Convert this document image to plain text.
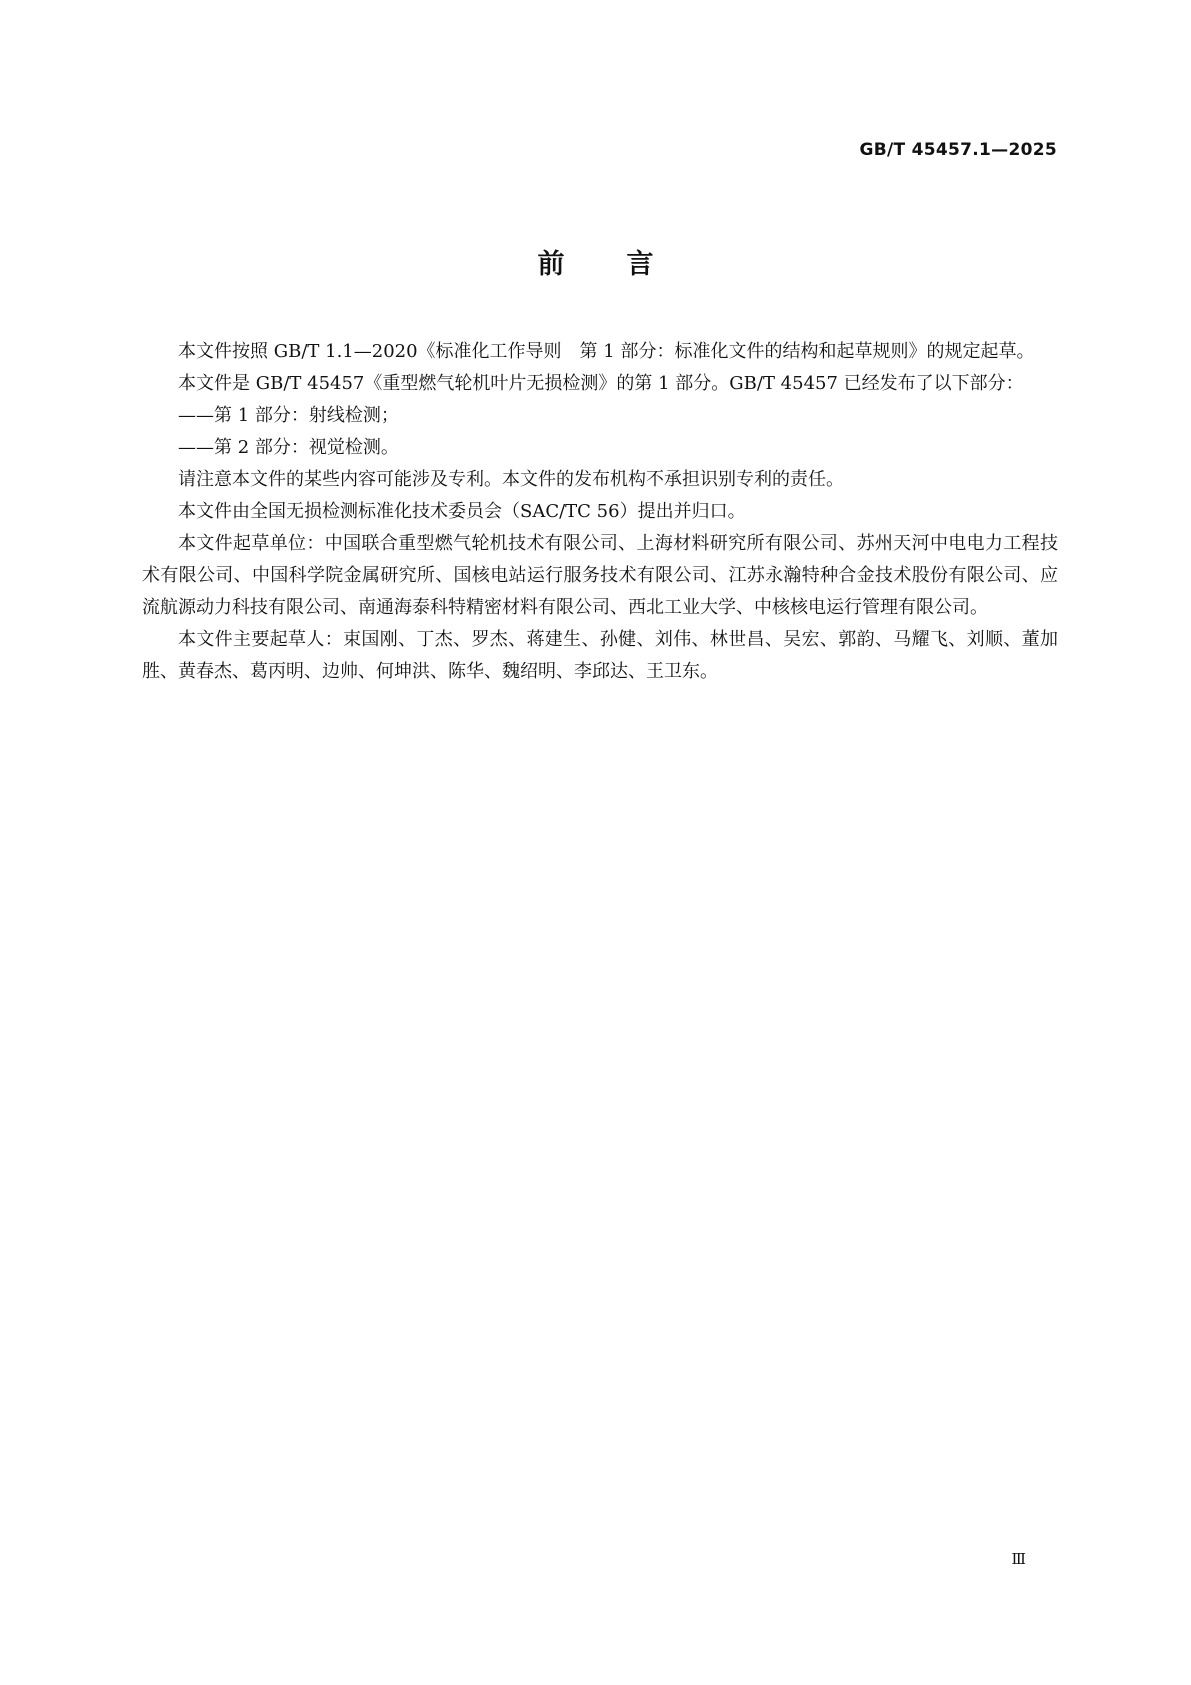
GB/T 45457.1—2025
前言

本文件按照 GB/T 1.1—2020《标准化工作导则　第 1 部分：标准化文件的结构和起草规则》的规定起草。

本文件是 GB/T 45457《重型燃气轮机叶片无损检测》的第 1 部分。GB/T 45457 已经发布了以下部分：

——第 1 部分：射线检测；

——第 2 部分：视觉检测。

请注意本文件的某些内容可能涉及专利。本文件的发布机构不承担识别专利的责任。

本文件由全国无损检测标准化技术委员会（SAC/TC 56）提出并归口。

本文件起草单位：中国联合重型燃气轮机技术有限公司、上海材料研究所有限公司、苏州天河中电电力工程技术有限公司、中国科学院金属研究所、国核电站运行服务技术有限公司、江苏永瀚特种合金技术股份有限公司、应流航源动力科技有限公司、南通海泰科特精密材料有限公司、西北工业大学、中核核电运行管理有限公司。

本文件主要起草人：束国刚、丁杰、罗杰、蒋建生、孙健、刘伟、林世昌、吴宏、郭韵、马耀飞、刘顺、董加胜、黄春杰、葛丙明、边帅、何坤洪、陈华、魏绍明、李邱达、王卫东。

Ⅲ
